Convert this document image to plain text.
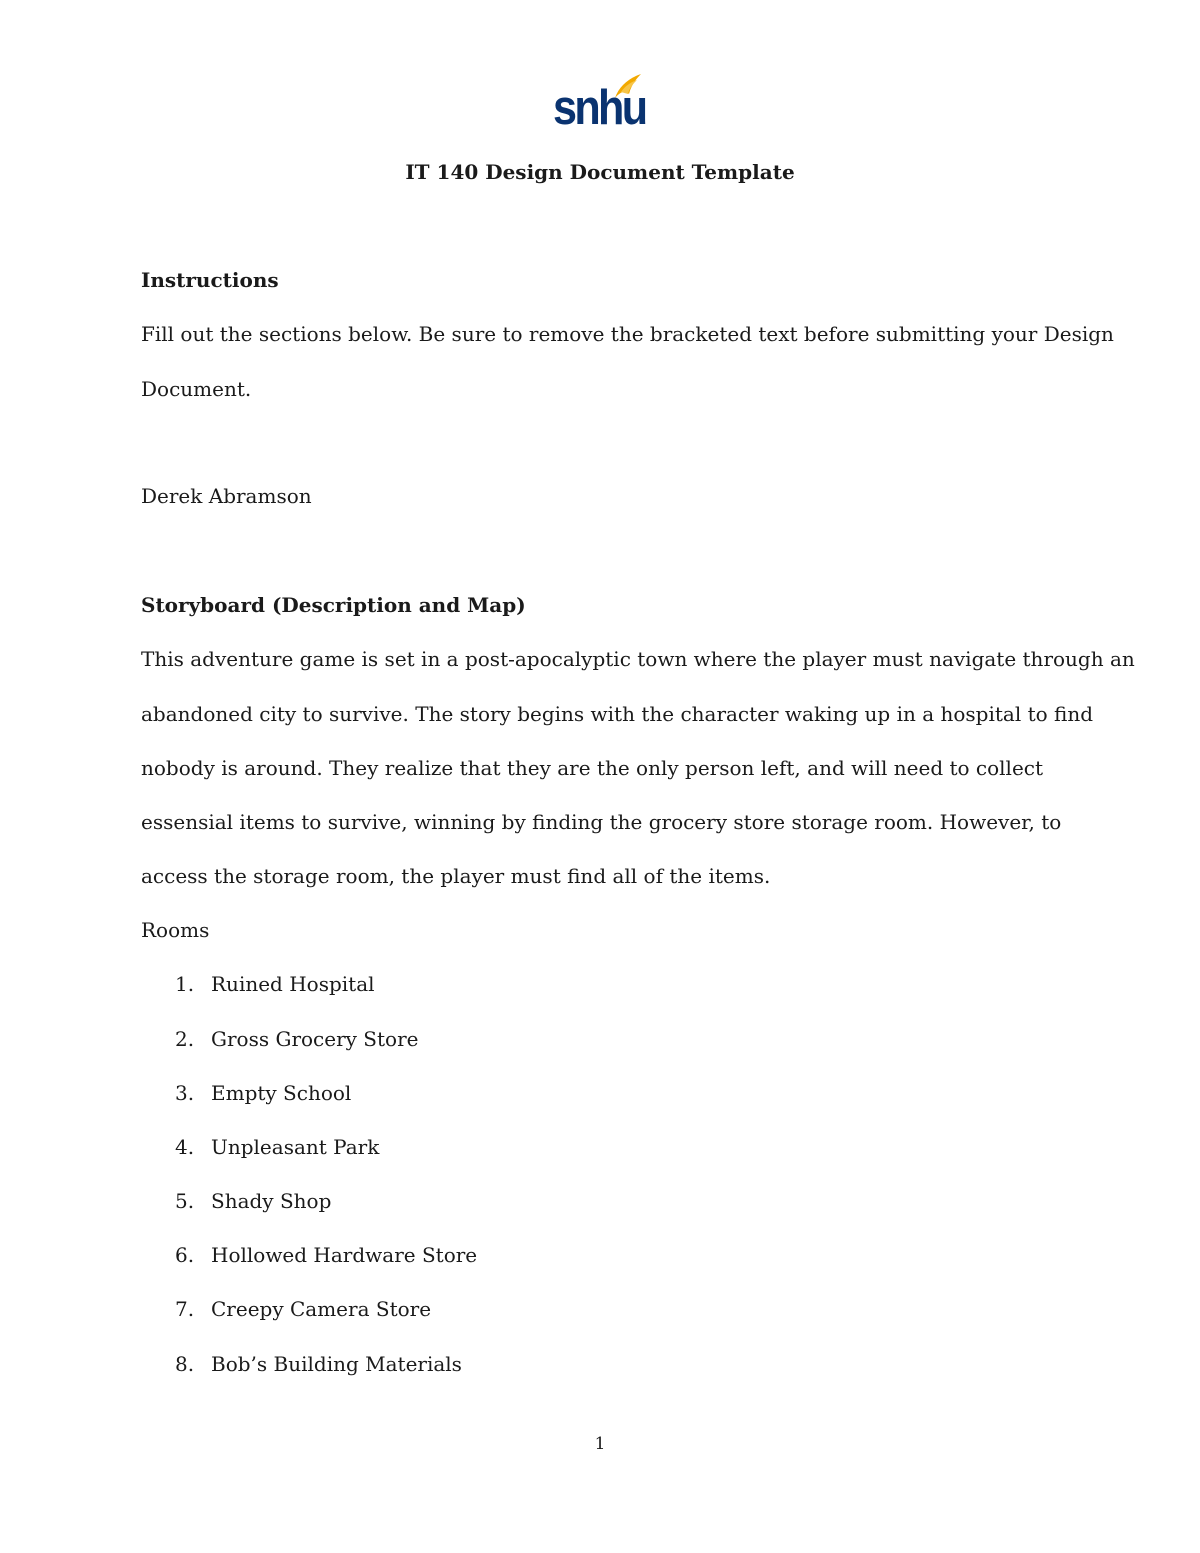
snhu
IT 140 Design Document Template
Instructions
Fill out the sections below. Be sure to remove the bracketed text before submitting your Design
Document.
Derek Abramson
Storyboard (Description and Map)
This adventure game is set in a post-apocalyptic town where the player must navigate through an
abandoned city to survive. The story begins with the character waking up in a hospital to find
nobody is around. They realize that they are the only person left, and will need to collect
essensial items to survive, winning by finding the grocery store storage room. However, to
access the storage room, the player must find all of the items.
Rooms
1. Ruined Hospital
2. Gross Grocery Store
3. Empty School
4. Unpleasant Park
5. Shady Shop
6. Hollowed Hardware Store
7. Creepy Camera Store
8. Bob’s Building Materials
1
